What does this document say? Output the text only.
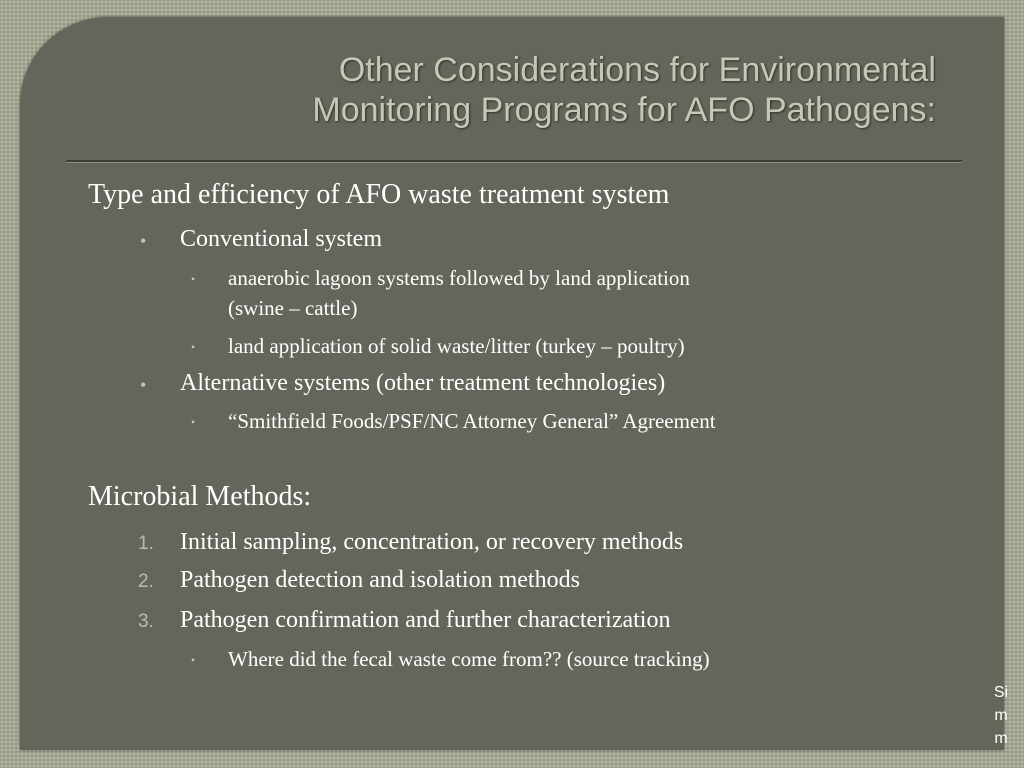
Other Considerations for Environmental
Monitoring Programs for AFO Pathogens:
Type and efficiency of AFO waste treatment system
• Conventional system
• anaerobic lagoon systems followed by land application
(swine – cattle)
• land application of solid waste/litter (turkey – poultry)
• Alternative systems (other treatment technologies)
• “Smithfield Foods/PSF/NC Attorney General” Agreement
Microbial Methods:
1. Initial sampling, concentration, or recovery methods
2. Pathogen detection and isolation methods
3. Pathogen confirmation and further characterization
• Where did the fecal waste come from?? (source tracking)
Si
m
m
